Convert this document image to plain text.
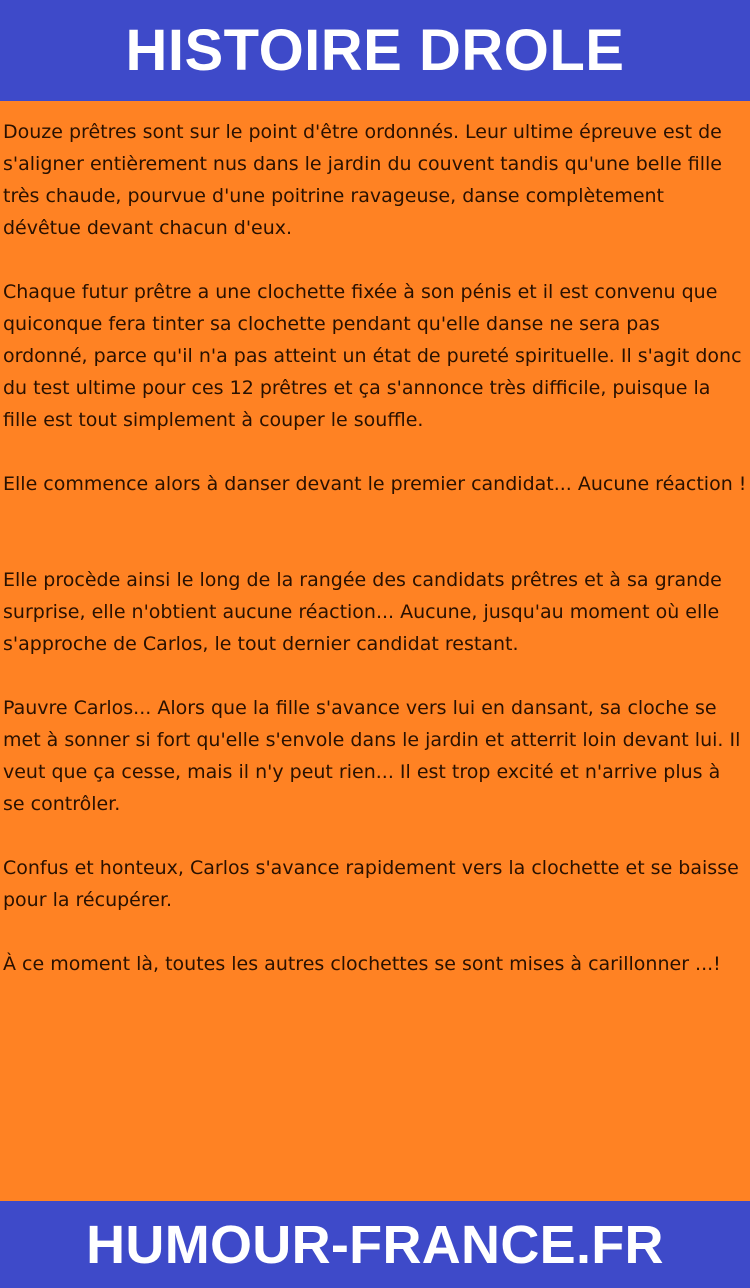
HISTOIRE DROLE

Douze prêtres sont sur le point d'être ordonnés. Leur ultime épreuve est de s'aligner entièrement nus dans le jardin du couvent tandis qu'une belle fille très chaude, pourvue d'une poitrine ravageuse, danse complètement dévêtue devant chacun d'eux.

Chaque futur prêtre a une clochette fixée à son pénis et il est convenu que quiconque fera tinter sa clochette pendant qu'elle danse ne sera pas ordonné, parce qu'il n'a pas atteint un état de pureté spirituelle. Il s'agit donc du test ultime pour ces 12 prêtres et ça s'annonce très difficile, puisque la fille est tout simplement à couper le souffle.

Elle commence alors à danser devant le premier candidat... Aucune réaction !

Elle procède ainsi le long de la rangée des candidats prêtres et à sa grande surprise, elle n'obtient aucune réaction... Aucune, jusqu'au moment où elle s'approche de Carlos, le tout dernier candidat restant.

Pauvre Carlos... Alors que la fille s'avance vers lui en dansant, sa cloche se met à sonner si fort qu'elle s'envole dans le jardin et atterrit loin devant lui. Il veut que ça cesse, mais il n'y peut rien... Il est trop excité et n'arrive plus à se contrôler.

Confus et honteux, Carlos s'avance rapidement vers la clochette et se baisse pour la récupérer.

À ce moment là, toutes les autres clochettes se sont mises à carillonner ...!

HUMOUR-FRANCE.FR
